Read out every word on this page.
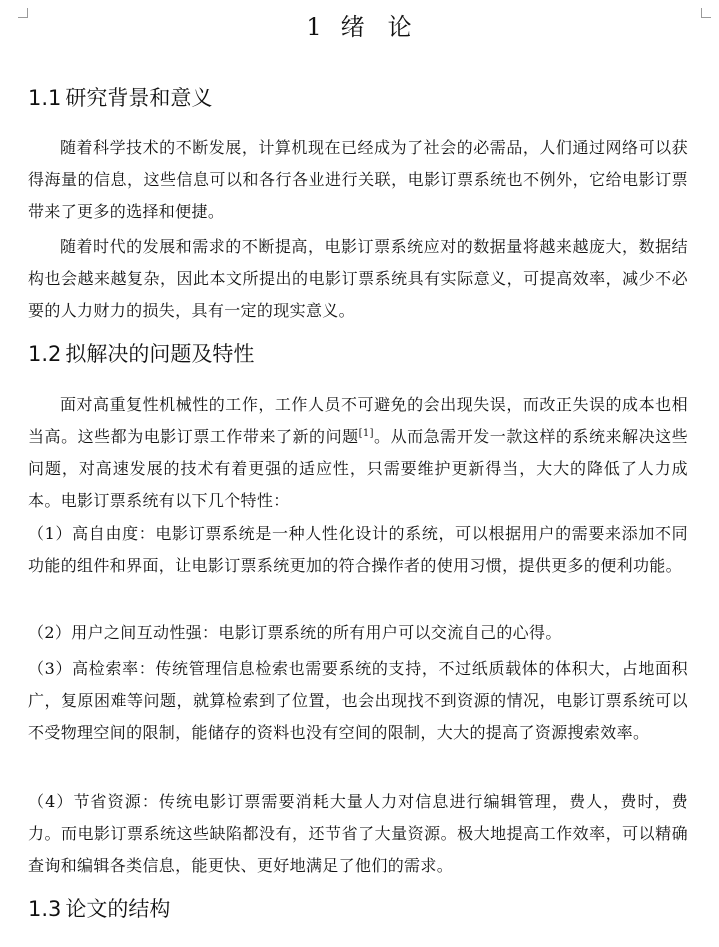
1 绪 论
1.1 研究背景和意义
随着科学技术的不断发展，计算机现在已经成为了社会的必需品，人们通过网络可以获得海量的信息，这些信息可以和各行各业进行关联，电影订票系统也不例外，它给电影订票带来了更多的选择和便捷。
随着时代的发展和需求的不断提高，电影订票系统应对的数据量将越来越庞大，数据结构也会越来越复杂，因此本文所提出的电影订票系统具有实际意义，可提高效率，减少不必要的人力财力的损失，具有一定的现实意义。
1.2 拟解决的问题及特性
面对高重复性机械性的工作，工作人员不可避免的会出现失误，而改正失误的成本也相当高。这些都为电影订票工作带来了新的问题[1]。从而急需开发一款这样的系统来解决这些问题，对高速发展的技术有着更强的适应性，只需要维护更新得当，大大的降低了人力成本。电影订票系统有以下几个特性：
（1）高自由度：电影订票系统是一种人性化设计的系统，可以根据用户的需要来添加不同功能的组件和界面，让电影订票系统更加的符合操作者的使用习惯，提供更多的便利功能。
（2）用户之间互动性强：电影订票系统的所有用户可以交流自己的心得。
（3）高检索率：传统管理信息检索也需要系统的支持，不过纸质载体的体积大，占地面积广，复原困难等问题，就算检索到了位置，也会出现找不到资源的情况，电影订票系统可以不受物理空间的限制，能储存的资料也没有空间的限制，大大的提高了资源搜索效率。
（4）节省资源：传统电影订票需要消耗大量人力对信息进行编辑管理，费人，费时，费力。而电影订票系统这些缺陷都没有，还节省了大量资源。极大地提高工作效率，可以精确查询和编辑各类信息，能更快、更好地满足了他们的需求。
1.3 论文的结构
